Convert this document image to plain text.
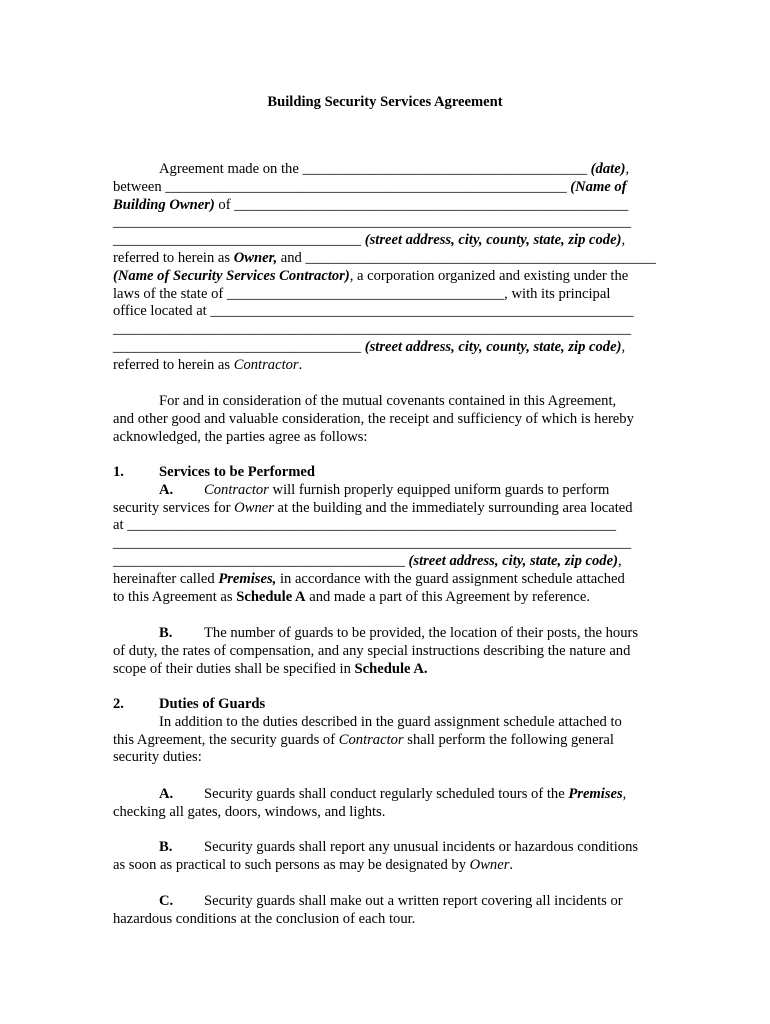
Building Security Services Agreement
Agreement made on the _______________________________________ (date),
between _______________________________________________________ (Name of
Building Owner) of ______________________________________________________
_______________________________________________________________________
__________________________________ (street address, city, county, state, zip code),
referred to herein as Owner, and ________________________________________________
(Name of Security Services Contractor), a corporation organized and existing under the
laws of the state of ______________________________________, with its principal
office located at __________________________________________________________
_______________________________________________________________________
__________________________________ (street address, city, county, state, zip code),
referred to herein as Contractor.
For and in consideration of the mutual covenants contained in this Agreement,
and other good and valuable consideration, the receipt and sufficiency of which is hereby
acknowledged, the parties agree as follows:
1. Services to be Performed
A. Contractor will furnish properly equipped uniform guards to perform
security services for Owner at the building and the immediately surrounding area located
at ___________________________________________________________________
_______________________________________________________________________
________________________________________ (street address, city, state, zip code),
hereinafter called Premises, in accordance with the guard assignment schedule attached
to this Agreement as Schedule A and made a part of this Agreement by reference.
B. The number of guards to be provided, the location of their posts, the hours
of duty, the rates of compensation, and any special instructions describing the nature and
scope of their duties shall be specified in Schedule A.
2. Duties of Guards
In addition to the duties described in the guard assignment schedule attached to
this Agreement, the security guards of Contractor shall perform the following general
security duties:
A. Security guards shall conduct regularly scheduled tours of the Premises,
checking all gates, doors, windows, and lights.
B. Security guards shall report any unusual incidents or hazardous conditions
as soon as practical to such persons as may be designated by Owner.
C. Security guards shall make out a written report covering all incidents or
hazardous conditions at the conclusion of each tour.
